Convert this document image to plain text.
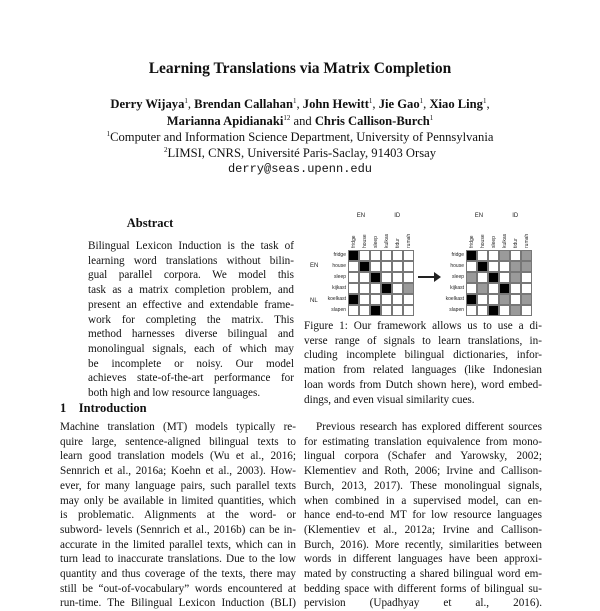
Learning Translations via Matrix Completion
Derry Wijaya$^1$, Brendan Callahan$^1$, John Hewitt$^1$, Jie Gao$^1$, Xiao Ling$^1$,
Marianna Apidianaki$^{12}$ and Chris Callison-Burch$^1$
$^1$Computer and Information Science Department, University of Pennsylvania
$^2$LIMSI, CNRS, Université Paris-Saclay, 91403 Orsay
derry@seas.upenn.edu
Abstract
Bilingual Lexicon Induction is the task of
learning word translations without bilin-
gual parallel corpora. We model this
task as a matrix completion problem, and
present an effective and extendable frame-
work for completing the matrix. This
method harnesses diverse bilingual and
monolingual signals, each of which may
be incomplete or noisy. Our model
achieves state-of-the-art performance for
both high and low resource languages.
1 Introduction
Machine translation (MT) models typically re-
quire large, sentence-aligned bilingual texts to
learn good translation models (Wu et al., 2016;
Sennrich et al., 2016a; Koehn et al., 2003). How-
ever, for many language pairs, such parallel texts
may only be available in limited quantities, which
is problematic. Alignments at the word- or
subword- levels (Sennrich et al., 2016b) can be in-
accurate in the limited parallel texts, which can in
turn lead to inaccurate translations. Due to the low
quantity and thus coverage of the texts, there may
still be “out-of-vocabulary” words encountered at
run-time. The Bilingual Lexicon Induction (BLI)
fridge
house
sleep
kijkast
koelkast
slapen
fridge	house	sleep	kulkas	tidur	rumah
EN	ID
fridge
house
sleep
kijkast
koelkast
slapen
fridge	house	sleep	kulkas	tidur	rumah
EN	ID
EN
NL
Figure 1: Our framework allows us to use a di-
verse range of signals to learn translations, in-
cluding incomplete bilingual dictionaries, infor-
mation from related languages (like Indonesian
loan words from Dutch shown here), word embed-
dings, and even visual similarity cues.
Previous research has explored different sources
for estimating translation equivalence from mono-
lingual corpora (Schafer and Yarowsky, 2002;
Klementiev and Roth, 2006; Irvine and Callison-
Burch, 2013, 2017). These monolingual signals,
when combined in a supervised model, can en-
hance end-to-end MT for low resource languages
(Klementiev et al., 2012a; Irvine and Callison-
Burch, 2016). More recently, similarities between
words in different languages have been approxi-
mated by constructing a shared bilingual word em-
bedding space with different forms of bilingual su-
pervision (Upadhyay et al., 2016).
